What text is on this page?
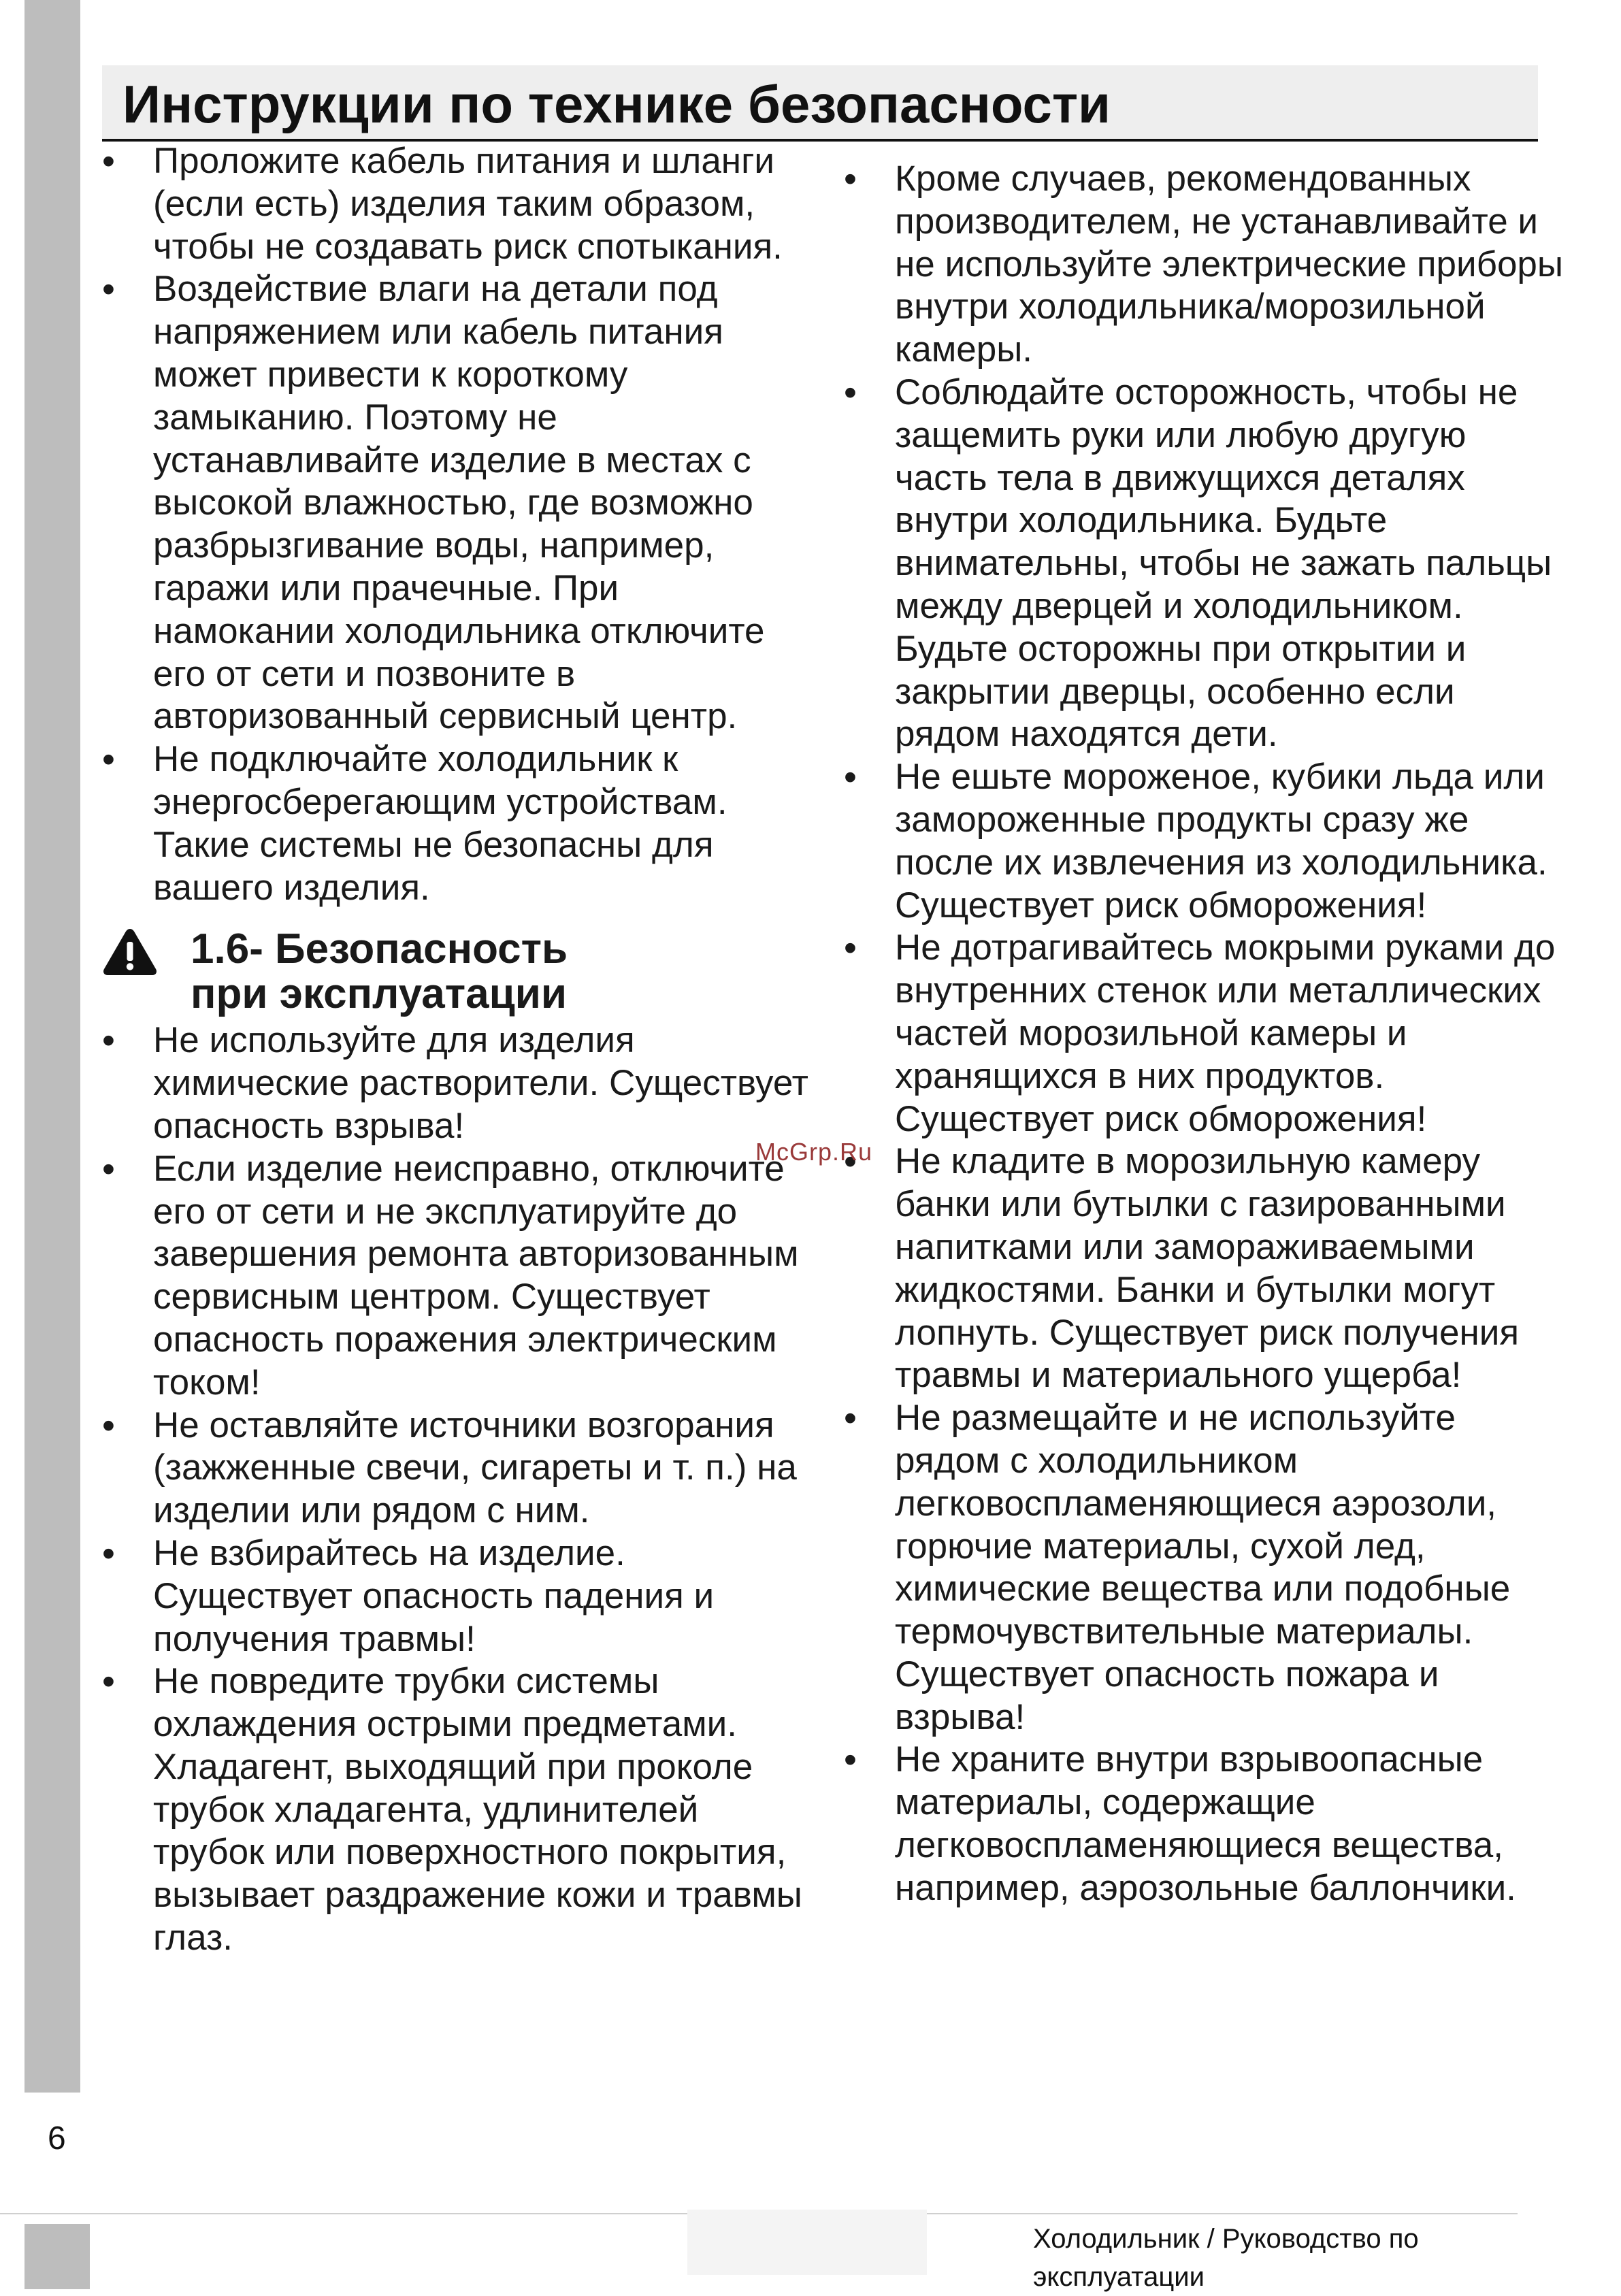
Инструкции по технике безопасности
• Проложите кабель питания и шланги (если есть) изделия таким образом, чтобы не создавать риск спотыкания.
• Воздействие влаги на детали под напряжением или кабель питания может привести к короткому замыканию. Поэтому не устанавливайте изделие в местах с высокой влажностью, где возможно разбрызгивание воды, например, гаражи или прачечные. При намокании холодильника отключите его от сети и позвоните в авторизованный сервисный центр.
• Не подключайте холодильник к энергосберегающим устройствам. Такие системы не безопасны для вашего изделия.
1.6- Безопасность
при эксплуатации
• Не используйте для изделия химические растворители. Существует опасность взрыва!
• Если изделие неисправно, отключите его от сети и не эксплуатируйте до завершения ремонта авторизованным сервисным центром. Существует опасность поражения электрическим током!
• Не оставляйте источники возгорания (зажженные свечи, сигареты и т. п.) на изделии или рядом с ним.
• Не взбирайтесь на изделие. Существует опасность падения и получения травмы!
• Не повредите трубки системы охлаждения острыми предметами. Хладагент, выходящий при проколе трубок хладагента, удлинителей трубок или поверхностного покрытия, вызывает раздражение кожи и травмы глаз.
• Кроме случаев, рекомендованных производителем, не устанавливайте и не используйте электрические приборы внутри холодильника/морозильной камеры.
• Соблюдайте осторожность, чтобы не защемить руки или любую другую часть тела в движущихся деталях внутри холодильника. Будьте внимательны, чтобы не зажать пальцы между дверцей и холодильником. Будьте осторожны при открытии и закрытии дверцы, особенно если рядом находятся дети.
• Не ешьте мороженое, кубики льда или замороженные продукты сразу же после их извлечения из холодильника. Существует риск обморожения!
• Не дотрагивайтесь мокрыми руками до внутренних стенок или металлических частей морозильной камеры и хранящихся в них продуктов. Существует риск обморожения!
• Не кладите в морозильную камеру банки или бутылки с газированными напитками или замораживаемыми жидкостями. Банки и бутылки могут лопнуть. Существует риск получения травмы и материального ущерба!
• Не размещайте и не используйте рядом с холодильником легковоспламеняющиеся аэрозоли, горючие материалы, сухой лед, химические вещества или подобные термочувствительные материалы. Существует опасность пожара и взрыва!
• Не храните внутри взрывоопасные материалы, содержащие легковоспламеняющиеся вещества, например, аэрозольные баллончики.
McGrp.Ru
6
Холодильник / Руководство по эксплуатации
